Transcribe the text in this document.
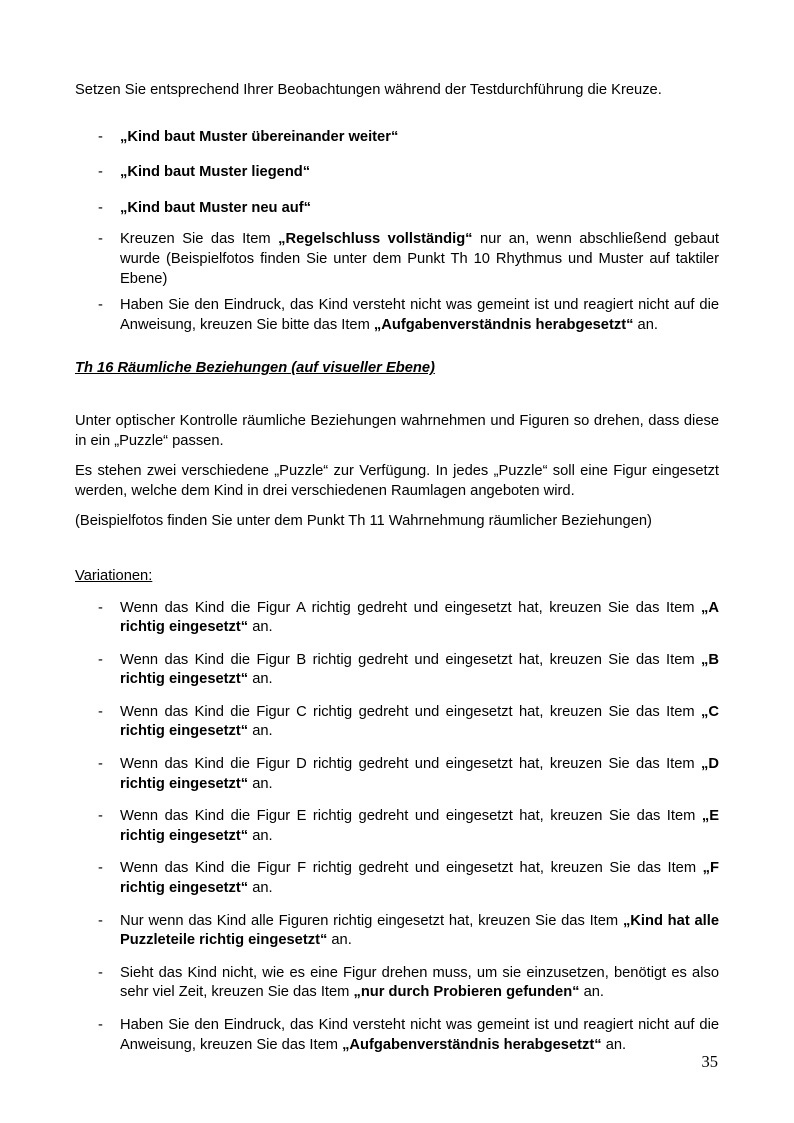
Setzen Sie entsprechend Ihrer Beobachtungen während der Testdurchführung die Kreuze.

-	„Kind baut Muster übereinander weiter“

-	„Kind baut Muster liegend“

-	„Kind baut Muster neu auf“

-	Kreuzen Sie das Item „Regelschluss vollständig“ nur an, wenn abschließend gebaut wurde (Beispielfotos finden Sie unter dem Punkt Th 10 Rhythmus und Muster auf taktiler Ebene)

-	Haben Sie den Eindruck, das Kind versteht nicht was gemeint ist und reagiert nicht auf die Anweisung, kreuzen Sie bitte das Item „Aufgabenverständnis herabgesetzt“ an.

Th 16 Räumliche Beziehungen (auf visueller Ebene)

Unter optischer Kontrolle räumliche Beziehungen wahrnehmen und Figuren so drehen, dass diese in ein „Puzzle“ passen.

Es stehen zwei verschiedene „Puzzle“ zur Verfügung. In jedes „Puzzle“ soll eine Figur eingesetzt werden, welche dem Kind in drei verschiedenen Raumlagen angeboten wird.

(Beispielfotos finden Sie unter dem Punkt Th 11 Wahrnehmung räumlicher Beziehungen)

Variationen:

-	Wenn das Kind die Figur A richtig gedreht und eingesetzt hat, kreuzen Sie das Item „A richtig eingesetzt“ an.

-	Wenn das Kind die Figur B richtig gedreht und eingesetzt hat, kreuzen Sie das Item „B richtig eingesetzt“ an.

-	Wenn das Kind die Figur C richtig gedreht und eingesetzt hat, kreuzen Sie das Item „C richtig eingesetzt“ an.

-	Wenn das Kind die Figur D richtig gedreht und eingesetzt hat, kreuzen Sie das Item „D richtig eingesetzt“ an.

-	Wenn das Kind die Figur E richtig gedreht und eingesetzt hat, kreuzen Sie das Item „E richtig eingesetzt“ an.

-	Wenn das Kind die Figur F richtig gedreht und eingesetzt hat, kreuzen Sie das Item „F richtig eingesetzt“ an.

-	Nur wenn das Kind alle Figuren richtig eingesetzt hat, kreuzen Sie das Item „Kind hat alle Puzzleteile richtig eingesetzt“ an.

-	Sieht das Kind nicht, wie es eine Figur drehen muss, um sie einzusetzen, benötigt es also sehr viel Zeit, kreuzen Sie das Item „nur durch Probieren gefunden“ an.

-	Haben Sie den Eindruck, das Kind versteht nicht was gemeint ist und reagiert nicht auf die Anweisung, kreuzen Sie das Item „Aufgabenverständnis herabgesetzt“ an.

35
